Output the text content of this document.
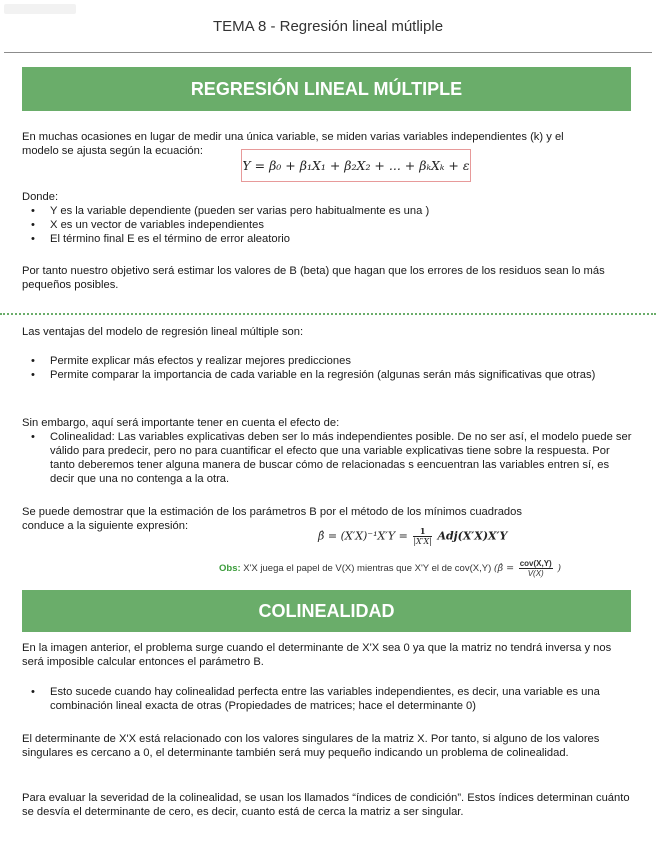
TEMA 8 - Regresión lineal mútliple
REGRESIÓN LINEAL MÚLTIPLE

En muchas ocasiones en lugar de medir una única variable, se miden varias variables independientes (k) y el

modelo se ajusta según la ecuación:

Y = β₀ + β₁X₁ + β₂X₂ + ... + βₖXₖ + ε

Donde:

• Y es la variable dependiente (pueden ser varias pero habitualmente es una )
• X es un vector de variables independientes
• El término final E es el término de error aleatorio

Por tanto nuestro objetivo será estimar los valores de B (beta) que hagan que los errores de los residuos sean lo más pequeños posibles.

Las ventajas del modelo de regresión lineal múltiple son:

• Permite explicar más efectos y realizar mejores predicciones
• Permite comparar la importancia de cada variable en la regresión (algunas serán más significativas que otras)

Sin embargo, aquí será importante tener en cuenta el efecto de:

• Colinealidad: Las variables explicativas deben ser lo más independientes posible. De no ser así, el modelo puede ser válido para predecir, pero no para cuantificar el efecto que una variable explicativas tiene sobre la respuesta. Por tanto deberemos tener alguna manera de buscar cómo de relacionadas s eencuentran las variables entren sí, es decir que una no contenga a la otra.

Se puede demostrar que la estimación de los parámetros B por el método de los mínimos cuadrados

conduce a la siguiente expresión:

β̂ = $(X'X)^{-1}X'Y = \frac{1}{|X'X|} Adj(X'X)X'Y$
Obs: X'X juega el papel de V(X) mientras que X'Y el de cov(X,Y) (β̂ = $\frac{\text{cov(X,Y)}}{V(X)}$ )
COLINEALIDAD

En la imagen anterior, el problema surge cuando el determinante de X'X sea 0 ya que la matriz no tendrá inversa y nos será imposible calcular entonces el parámetro B.

• Esto sucede cuando hay colinealidad perfecta entre las variables independientes, es decir, una variable es una combinación lineal exacta de otras (Propiedades de matrices; hace el determinante 0)

El determinante de X'X está relacionado con los valores singulares de la matriz X. Por tanto, si alguno de los valores singulares es cercano a 0, el determinante también será muy pequeño indicando un problema de colinealidad.

Para evaluar la severidad de la colinealidad, se usan los llamados “índices de condición”. Estos índices determinan cuánto se desvía el determinante de cero, es decir, cuanto está de cerca la matriz a ser singular.
